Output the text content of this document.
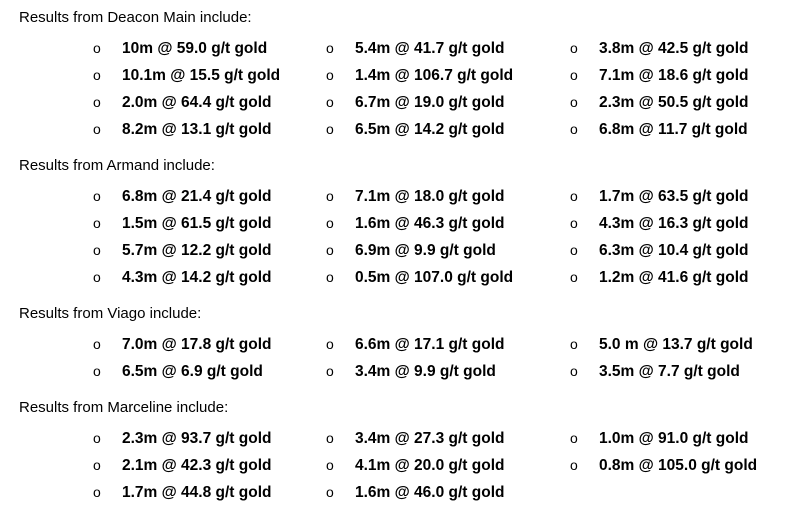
Results from Deacon Main include:
o 10m @ 59.0 g/t gold
o 10.1m @ 15.5 g/t gold
o 2.0m @ 64.4 g/t gold
o 8.2m @ 13.1 g/t gold
o 5.4m @ 41.7 g/t gold
o 1.4m @ 106.7 g/t gold
o 6.7m @ 19.0 g/t gold
o 6.5m @ 14.2 g/t gold
o 3.8m @ 42.5 g/t gold
o 7.1m @ 18.6 g/t gold
o 2.3m @ 50.5 g/t gold
o 6.8m @ 11.7 g/t gold
Results from Armand include:
o 6.8m @ 21.4 g/t gold
o 1.5m @ 61.5 g/t gold
o 5.7m @ 12.2 g/t gold
o 4.3m @ 14.2 g/t gold
o 7.1m @ 18.0 g/t gold
o 1.6m @ 46.3 g/t gold
o 6.9m @ 9.9 g/t gold
o 0.5m @ 107.0 g/t gold
o 1.7m @ 63.5 g/t gold
o 4.3m @ 16.3 g/t gold
o 6.3m @ 10.4 g/t gold
o 1.2m @ 41.6 g/t gold
Results from Viago include:
o 7.0m @ 17.8 g/t gold
o 6.5m @ 6.9 g/t gold
o 6.6m @ 17.1 g/t gold
o 3.4m @ 9.9 g/t gold
o 5.0 m @ 13.7 g/t gold
o 3.5m @ 7.7 g/t gold
Results from Marceline include:
o 2.3m @ 93.7 g/t gold
o 2.1m @ 42.3 g/t gold
o 1.7m @ 44.8 g/t gold
o 3.4m @ 27.3 g/t gold
o 4.1m @ 20.0 g/t gold
o 1.6m @ 46.0 g/t gold
o 1.0m @ 91.0 g/t gold
o 0.8m @ 105.0 g/t gold
